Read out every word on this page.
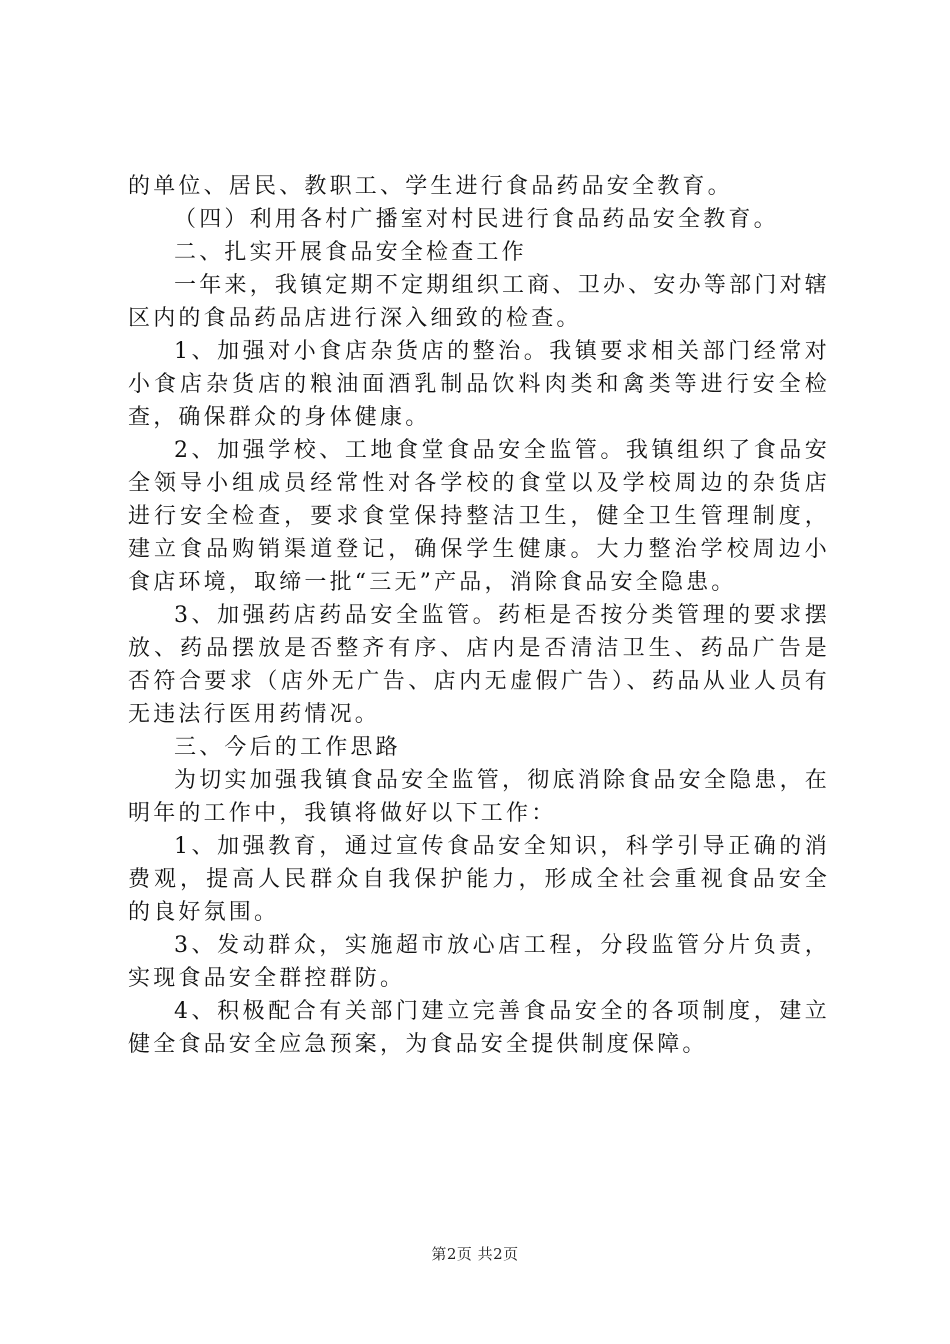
的单位、居民、教职工、学生进行食品药品安全教育。

（四）利用各村广播室对村民进行食品药品安全教育。

二、扎实开展食品安全检查工作

一年来，我镇定期不定期组织工商、卫办、安办等部门对辖区内的食品药品店进行深入细致的检查。

1、加强对小食店杂货店的整治。我镇要求相关部门经常对小食店杂货店的粮油面酒乳制品饮料肉类和禽类等进行安全检查，确保群众的身体健康。

2、加强学校、工地食堂食品安全监管。我镇组织了食品安全领导小组成员经常性对各学校的食堂以及学校周边的杂货店进行安全检查，要求食堂保持整洁卫生，健全卫生管理制度，建立食品购销渠道登记，确保学生健康。大力整治学校周边小食店环境，取缔一批“三无”产品，消除食品安全隐患。

3、加强药店药品安全监管。药柜是否按分类管理的要求摆放、药品摆放是否整齐有序、店内是否清洁卫生、药品广告是否符合要求（店外无广告、店内无虚假广告）、药品从业人员有无违法行医用药情况。

三、今后的工作思路

为切实加强我镇食品安全监管，彻底消除食品安全隐患，在明年的工作中，我镇将做好以下工作：

1、加强教育，通过宣传食品安全知识，科学引导正确的消费观，提高人民群众自我保护能力，形成全社会重视食品安全的良好氛围。

3、发动群众，实施超市放心店工程，分段监管分片负责，实现食品安全群控群防。

4、积极配合有关部门建立完善食品安全的各项制度，建立健全食品安全应急预案，为食品安全提供制度保障。

第2页 共2页
